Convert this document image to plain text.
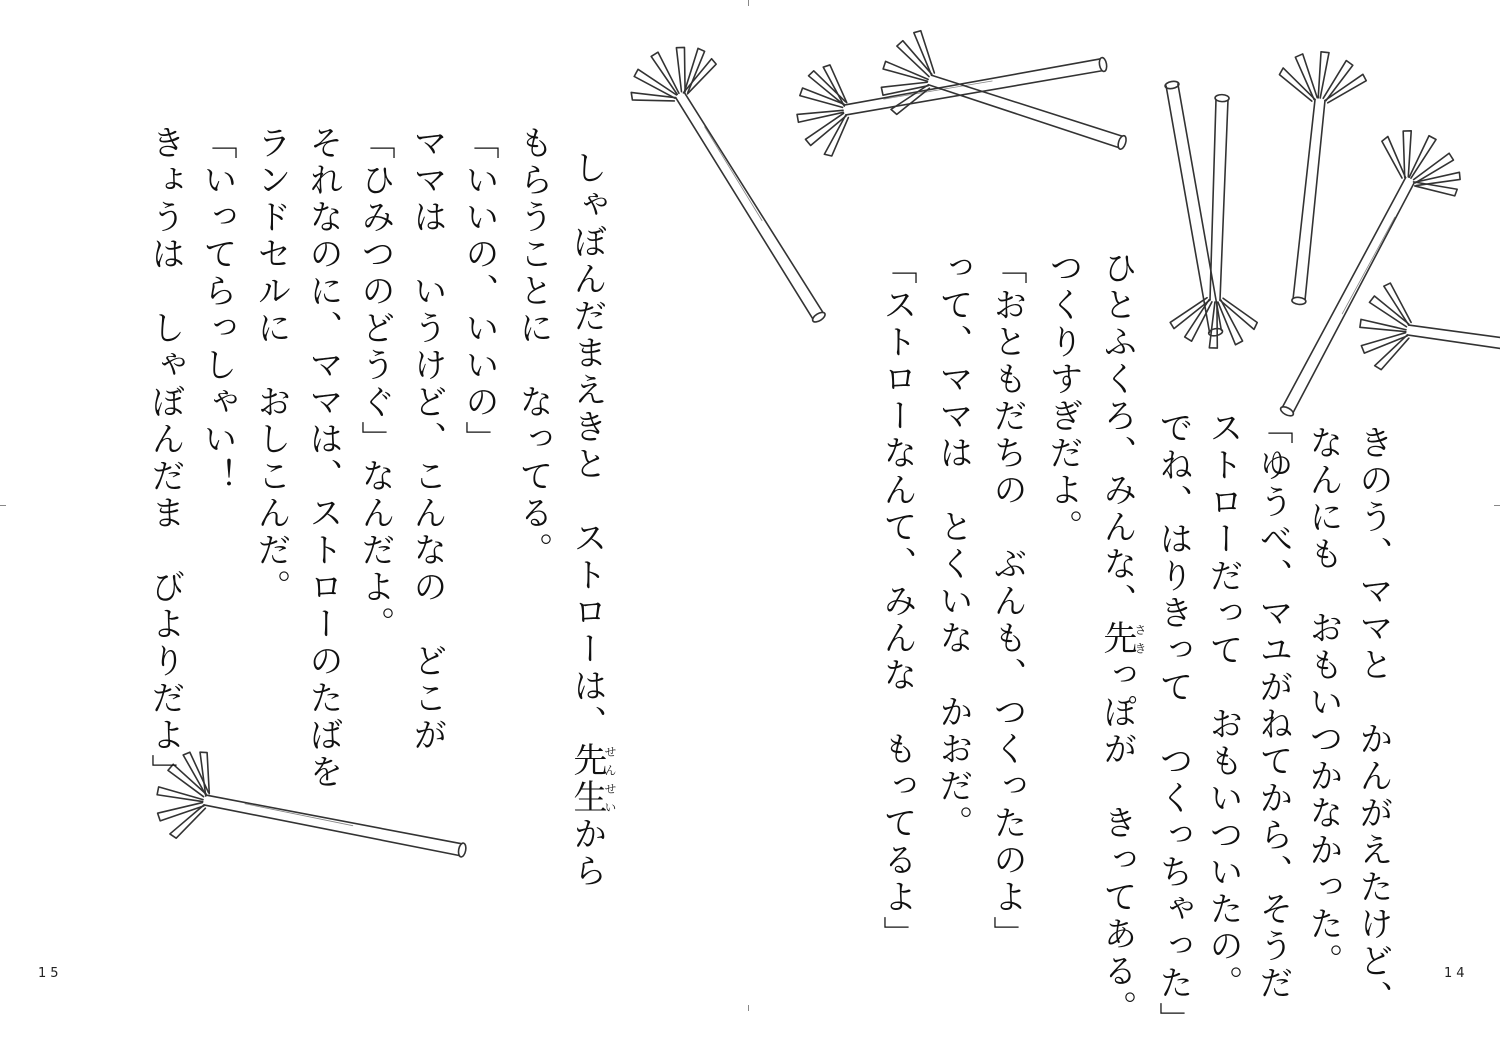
きのう、ママと　かんがえたけど、

なんにも　おもいつかなかった。

「ゆうべ、マユがねてから、そうだ

ストローだって　おもいついたの。

でね、はりきって　つくっちゃった」

ひとふくろ、みんな、先さきっぽが　きってある。

つくりすぎだよ。

「おともだちの　ぶんも、つくったのよ」

って、ママは　とくいな　かおだ。

「ストローなんて、みんな　もってるよ」

しゃぼんだまえきと　ストローは、先生せんせいから

もらうことに　なってる。

「いいの、いいの」

ママは　いうけど、こんなの　どこが

「ひみつのどうぐ」なんだよ。

それなのに、ママは、ストローのたばを

ランドセルに　おしこんだ。

「いってらっしゃい！

きょうは　しゃぼんだま　びよりだよ」

14
15
